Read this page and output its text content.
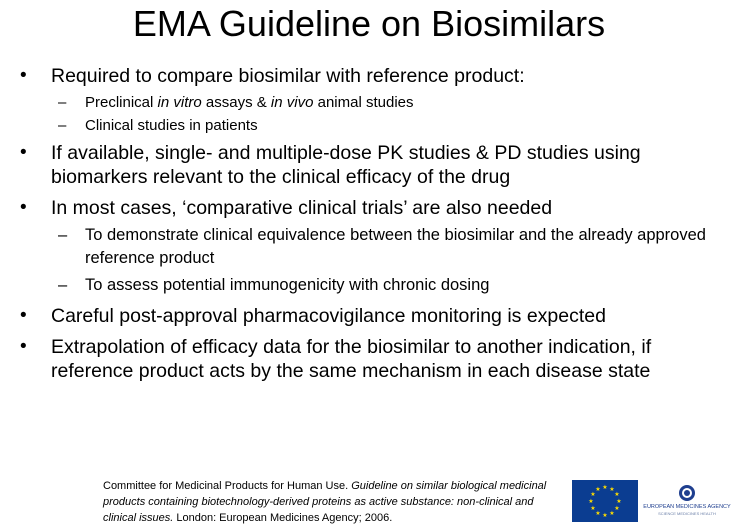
EMA Guideline on Biosimilars
• Required to compare biosimilar with reference product:
– Preclinical in vitro assays & in vivo animal studies
– Clinical studies in patients
• If available, single- and multiple-dose PK studies & PD studies using biomarkers relevant to the clinical efficacy of the drug
• In most cases, ‘comparative clinical trials’ are also needed
– To demonstrate clinical equivalence between the biosimilar and the already approved reference product
– To assess potential immunogenicity with chronic dosing
• Careful post-approval pharmacovigilance monitoring is expected
• Extrapolation of efficacy data for the biosimilar to another indication, if reference product acts by the same mechanism in each disease state
Committee for Medicinal Products for Human Use. Guideline on similar biological medicinal products containing biotechnology-derived proteins as active substance: non-clinical and clinical issues. London: European Medicines Agency; 2006.
★ ★
★
★
★
★
★
★
★
★
★
★
EUROPEAN MEDICINES AGENCY
SCIENCE MEDICINES HEALTH
